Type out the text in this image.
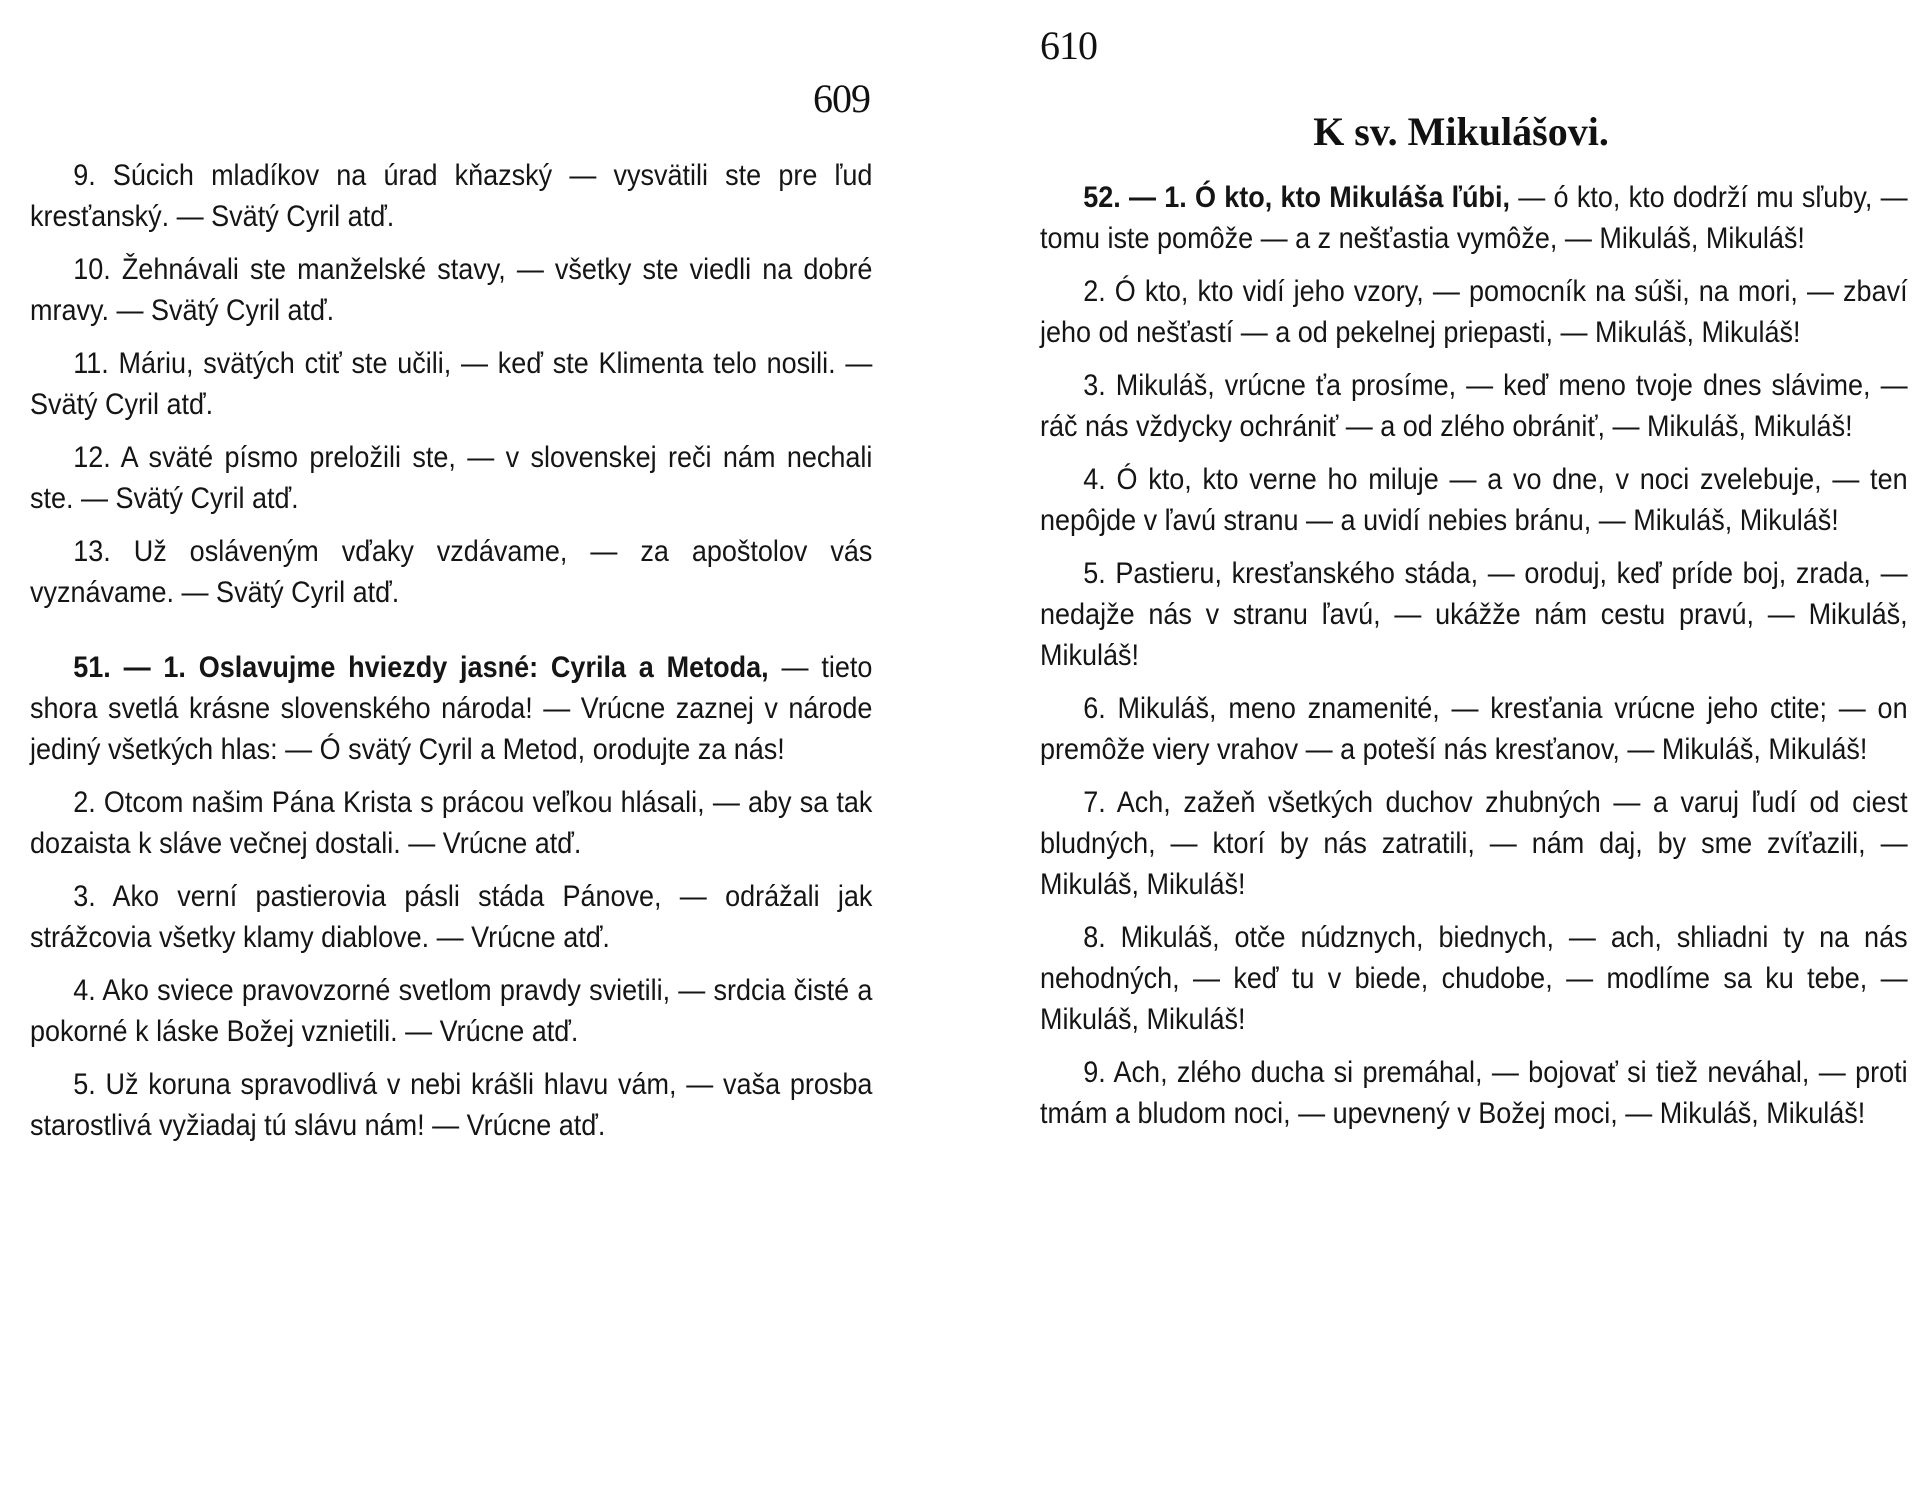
609

9. Súcich mladíkov na úrad kňazský — vysvätili ste pre ľud kresťanský. — Svätý Cyril atď.

10. Žehnávali ste manželské stavy, — všetky ste viedli na dobré mravy. — Svätý Cyril atď.

11. Máriu, svätých ctiť ste učili, — keď ste Klimenta telo nosili. — Svätý Cyril atď.

12. A sväté písmo preložili ste, — v slovenskej reči nám nechali ste. — Svätý Cyril atď.

13. Už osláveným vďaky vzdávame, — za apoštolov vás vyznávame. — Svätý Cyril atď.

51. — 1. Oslavujme hviezdy jasné: Cyrila a Metoda, — tieto shora svetlá krásne slovenského národa! — Vrúcne zaznej v národe jediný všetkých hlas: — Ó svätý Cyril a Metod, orodujte za nás!

2. Otcom našim Pána Krista s prácou veľkou hlásali, — aby sa tak dozaista k sláve večnej dostali. — Vrúcne atď.

3. Ako verní pastierovia pásli stáda Pánove, — odrážali jak strážcovia všetky klamy diablove. — Vrúcne atď.

4. Ako sviece pravovzorné svetlom pravdy svietili, — srdcia čisté a pokorné k láske Božej vznietili. — Vrúcne atď.

5. Už koruna spravodlivá v nebi krášli hlavu vám, — vaša prosba starostlivá vyžiadaj tú slávu nám! — Vrúcne atď.

610
K sv. Mikulášovi.

52. — 1. Ó kto, kto Mikuláša ľúbi, — ó kto, kto dodrží mu sľuby, — tomu iste pomôže — a z nešťastia vymôže, — Mikuláš, Mikuláš!

2. Ó kto, kto vidí jeho vzory, — pomocník na súši, na mori, — zbaví jeho od nešťastí — a od pekelnej priepasti, — Mikuláš, Mikuláš!

3. Mikuláš, vrúcne ťa prosíme, — keď meno tvoje dnes slávime, — ráč nás vždycky ochrániť — a od zlého obrániť, — Mikuláš, Mikuláš!

4. Ó kto, kto verne ho miluje — a vo dne, v noci zvelebuje, — ten nepôjde v ľavú stranu — a uvidí nebies bránu, — Mikuláš, Mikuláš!

5. Pastieru, kresťanského stáda, — oroduj, keď príde boj, zrada, — nedajže nás v stranu ľavú, — ukážže nám cestu pravú, — Mikuláš, Mikuláš!

6. Mikuláš, meno znamenité, — kresťania vrúcne jeho ctite; — on premôže viery vrahov — a poteší nás kresťanov, — Mikuláš, Mikuláš!

7. Ach, zažeň všetkých duchov zhubných — a varuj ľudí od ciest bludných, — ktorí by nás zatratili, — nám daj, by sme zvíťazili, — Mikuláš, Mikuláš!

8. Mikuláš, otče núdznych, biednych, — ach, shliadni ty na nás nehodných, — keď tu v biede, chudobe, — modlíme sa ku tebe, — Mikuláš, Mikuláš!

9. Ach, zlého ducha si premáhal, — bojovať si tiež neváhal, — proti tmám a bludom noci, — upevnený v Božej moci, — Mikuláš, Mikuláš!
